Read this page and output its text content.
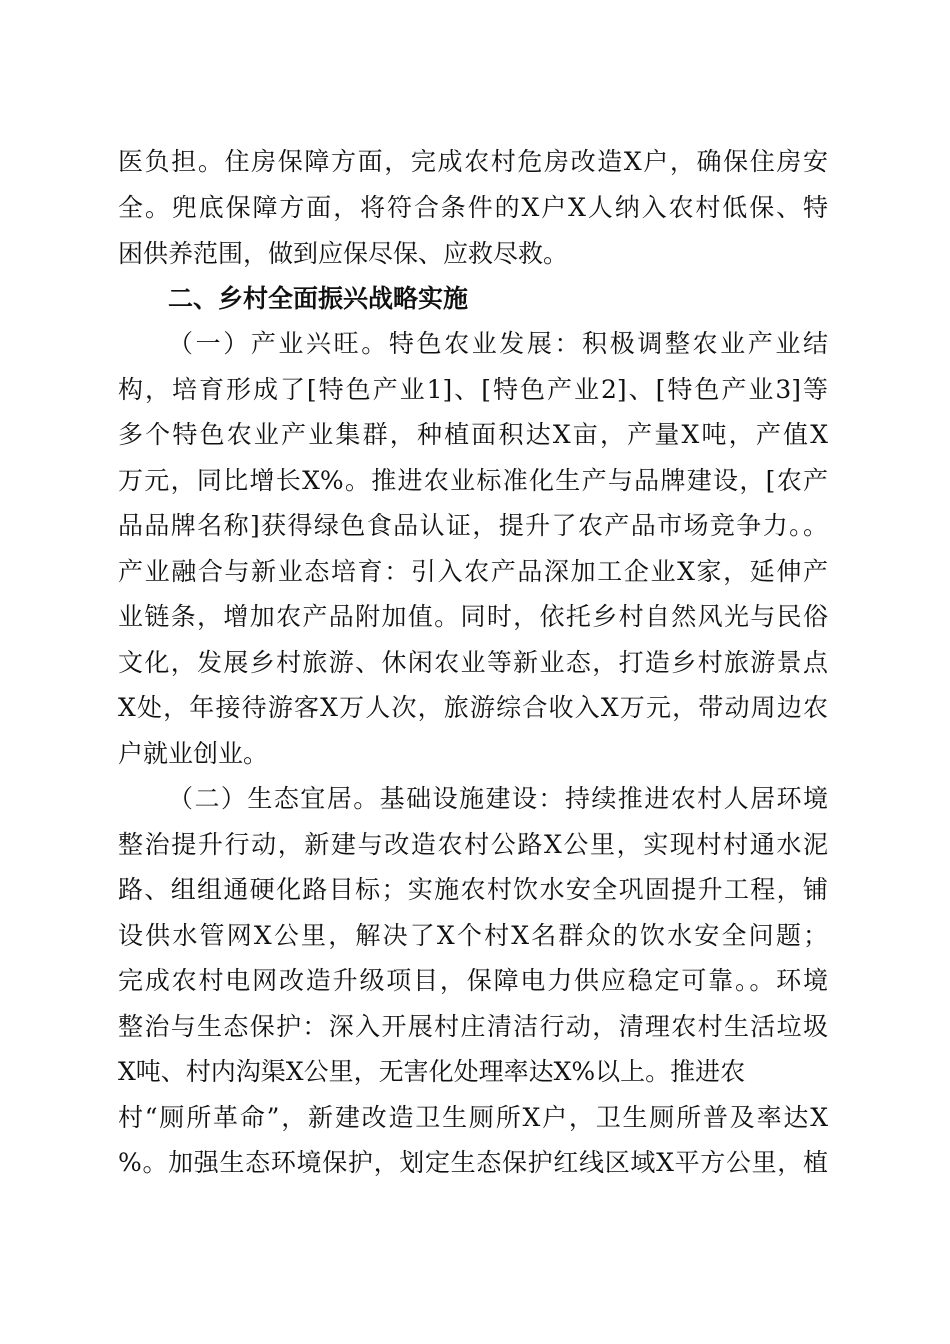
医负担。住房保障方面，完成农村危房改造X户，确保住房安
全。兜底保障方面，将符合条件的X户X人纳入农村低保、特
困供养范围，做到应保尽保、应救尽救。
二、乡村全面振兴战略实施
（一）产业兴旺。特色农业发展：积极调整农业产业结
构，培育形成了[特色产业1]、[特色产业2]、[特色产业3]等
多个特色农业产业集群，种植面积达X亩，产量X吨，产值X
万元，同比增长X%。推进农业标准化生产与品牌建设，[农产
品品牌名称]获得绿色食品认证，提升了农产品市场竞争力。。
产业融合与新业态培育：引入农产品深加工企业X家，延伸产
业链条，增加农产品附加值。同时，依托乡村自然风光与民俗
文化，发展乡村旅游、休闲农业等新业态，打造乡村旅游景点
X处，年接待游客X万人次，旅游综合收入X万元，带动周边农
户就业创业。
（二）生态宜居。基础设施建设：持续推进农村人居环境
整治提升行动，新建与改造农村公路X公里，实现村村通水泥
路、组组通硬化路目标；实施农村饮水安全巩固提升工程，铺
设供水管网X公里，解决了X个村X名群众的饮水安全问题；
完成农村电网改造升级项目，保障电力供应稳定可靠。。环境
整治与生态保护：深入开展村庄清洁行动，清理农村生活垃圾
X吨、村内沟渠X公里，无害化处理率达X%以上。推进农
村“厕所革命”，新建改造卫生厕所X户，卫生厕所普及率达X
%。加强生态环境保护，划定生态保护红线区域X平方公里，植
